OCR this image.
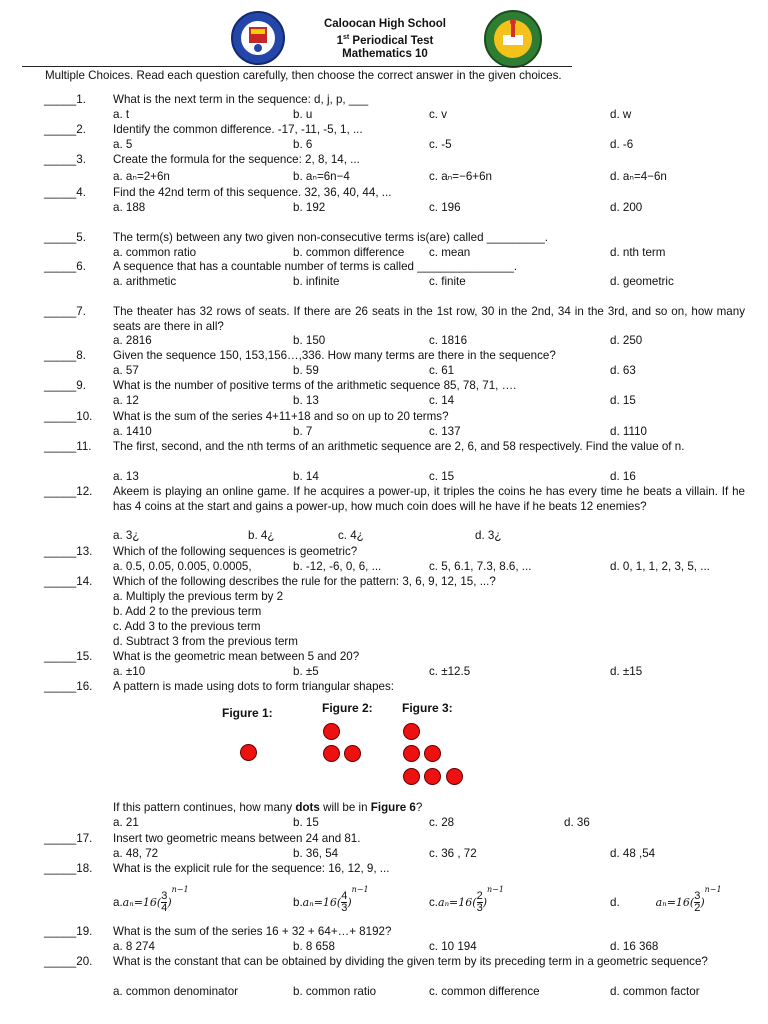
Caloocan High School
1st Periodical Test
Mathematics 10
Multiple Choices. Read each question carefully, then choose the correct answer in the given choices.
_____1. What is the next term in the sequence: d, j, p, ___
a. t	b. u	c. v	d. w
_____2. Identify the common difference. -17, -11, -5, 1, ...
a. 5	b. 6	c. -5	d. -6
_____3. Create the formula for the sequence: 2, 8, 14, ...
a. aₙ=2+6n	b. aₙ=6n−4	c. aₙ=−6+6n	d. aₙ=4−6n
_____4. Find the 42nd term of this sequence. 32, 36, 40, 44, ...
a. 188	b. 192	c. 196	d. 200
_____5. The term(s) between any two given non-consecutive terms is(are) called _________.
a. common ratio	b. common difference c. mean	d. nth term
_____6. A sequence that has a countable number of terms is called _______________.
a. arithmetic	b. infinite	c. finite	d. geometric
_____7. The theater has 32 rows of seats. If there are 26 seats in the 1st row, 30 in the 2nd, 34 in the 3rd, and so on, how many seats are there in all?
a. 2816	b. 150	c. 1816	d. 250
_____8. Given the sequence 150, 153,156…,336. How many terms are there in the sequence?
a. 57	b. 59	c. 61	d. 63
_____9. What is the number of positive terms of the arithmetic sequence 85, 78, 71, ….
a. 12	b. 13	c. 14	d. 15
_____10. What is the sum of the series 4+11+18 and so on up to 20 terms?
a. 1410	b. 7	c. 137	d. 1110
_____11. The first, second, and the nth terms of an arithmetic sequence are 2, 6, and 58 respectively. Find the value of n.
a. 13	b. 14	c. 15	d. 16
_____12. Akeem is playing an online game. If he acquires a power-up, it triples the coins he has every time he beats a villain. If he has 4 coins at the start and gains a power-up, how much coin does will he have if he beats 12 enemies?
a. 3¿	b. 4¿	c. 4¿	d. 3¿
_____13. Which of the following sequences is geometric?
a. 0.5, 0.05, 0.005, 0.0005,	b. -12, -6, 0, 6, ...	c. 5, 6.1, 7.3, 8.6, ...	d. 0, 1, 1, 2, 3, 5, ...
_____14. Which of the following describes the rule for the pattern: 3, 6, 9, 12, 15, ...?
a. Multiply the previous term by 2
b. Add 2 to the previous term
c. Add 3 to the previous term
d. Subtract 3 from the previous term
_____15. What is the geometric mean between 5 and 20?
a. ±10	b. ±5	c. ±12.5	d. ±15
_____16. A pattern is made using dots to form triangular shapes:
a. 21	b. 15	c. 28	d. 36
_____17. Insert two geometric means between 24 and 81.
a. 48, 72	b. 36, 54	c. 36 , 72	d. 48 ,54
_____18. What is the explicit rule for the sequence: 16, 12, 9, ...
$a.a_n=16( \frac{3}{4} )^{n-1}$
$b.a_n=16( \frac{4}{3} )^{n-1}$
$c.a_n=16( \frac{2}{3} )^{n-1}$
d.	$a_n=16( \frac{3}{2} )^{n-1}$
_____19. What is the sum of the series 16 + 32 + 64+…+ 8192?
a. 8 274	b. 8 658	c. 10 194	d. 16 368
_____20. What is the constant that can be obtained by dividing the given term by its preceding term in a geometric sequence?
a. common denominator	b. common ratio	c. common difference	d. common factor
Figure 1:	Figure 2: Figure 3:
If this pattern continues, how many dots will be in Figure 6?
